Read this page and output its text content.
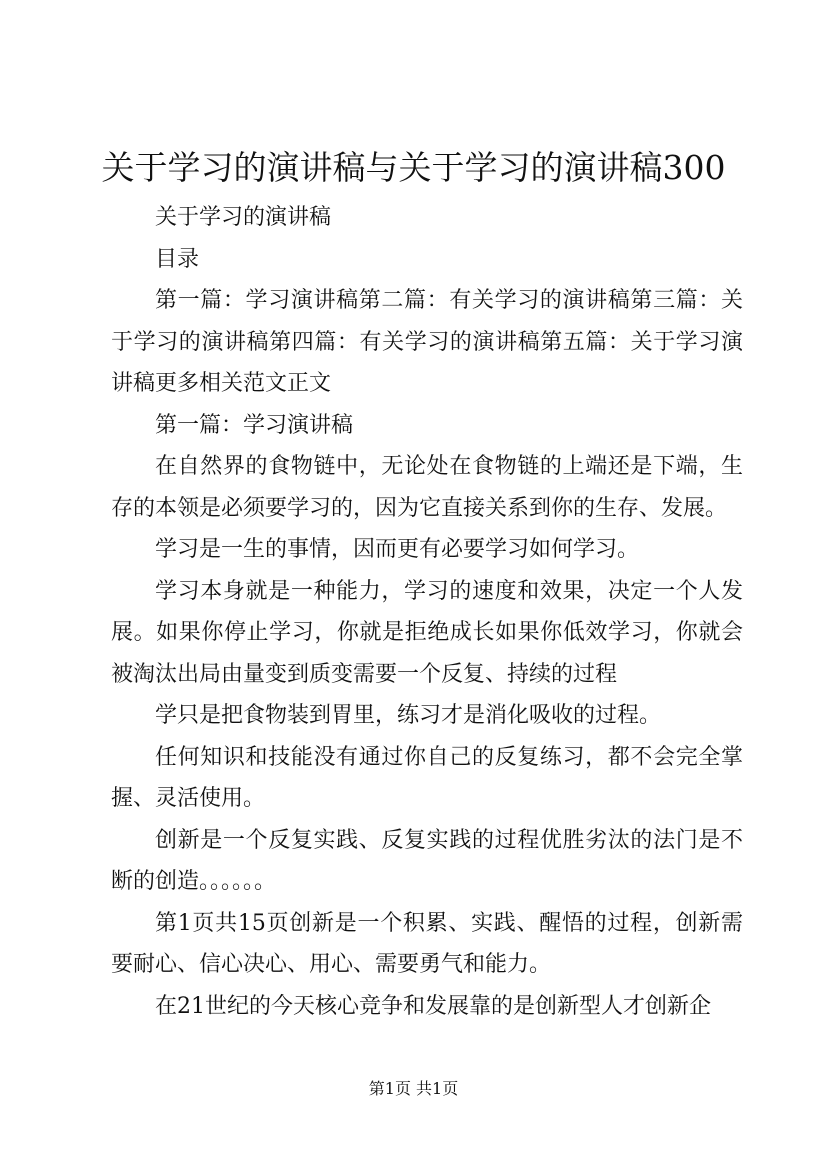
关于学习的演讲稿与关于学习的演讲稿300

关于学习的演讲稿

目录

第一篇：学习演讲稿第二篇：有关学习的演讲稿第三篇：关于学习的演讲稿第四篇：有关学习的演讲稿第五篇：关于学习演讲稿更多相关范文正文

第一篇：学习演讲稿

在自然界的食物链中，无论处在食物链的上端还是下端，生存的本领是必须要学习的，因为它直接关系到你的生存、发展。

学习是一生的事情，因而更有必要学习如何学习。

学习本身就是一种能力，学习的速度和效果，决定一个人发展。如果你停止学习，你就是拒绝成长如果你低效学习，你就会被淘汰出局由量变到质变需要一个反复、持续的过程

学只是把食物装到胃里，练习才是消化吸收的过程。

任何知识和技能没有通过你自己的反复练习，都不会完全掌握、灵活使用。

创新是一个反复实践、反复实践的过程优胜劣汰的法门是不断的创造。。。。。。

第1页共15页创新是一个积累、实践、醒悟的过程，创新需要耐心、信心决心、用心、需要勇气和能力。

在21世纪的今天核心竞争和发展靠的是创新型人才创新企

第1页 共1页
